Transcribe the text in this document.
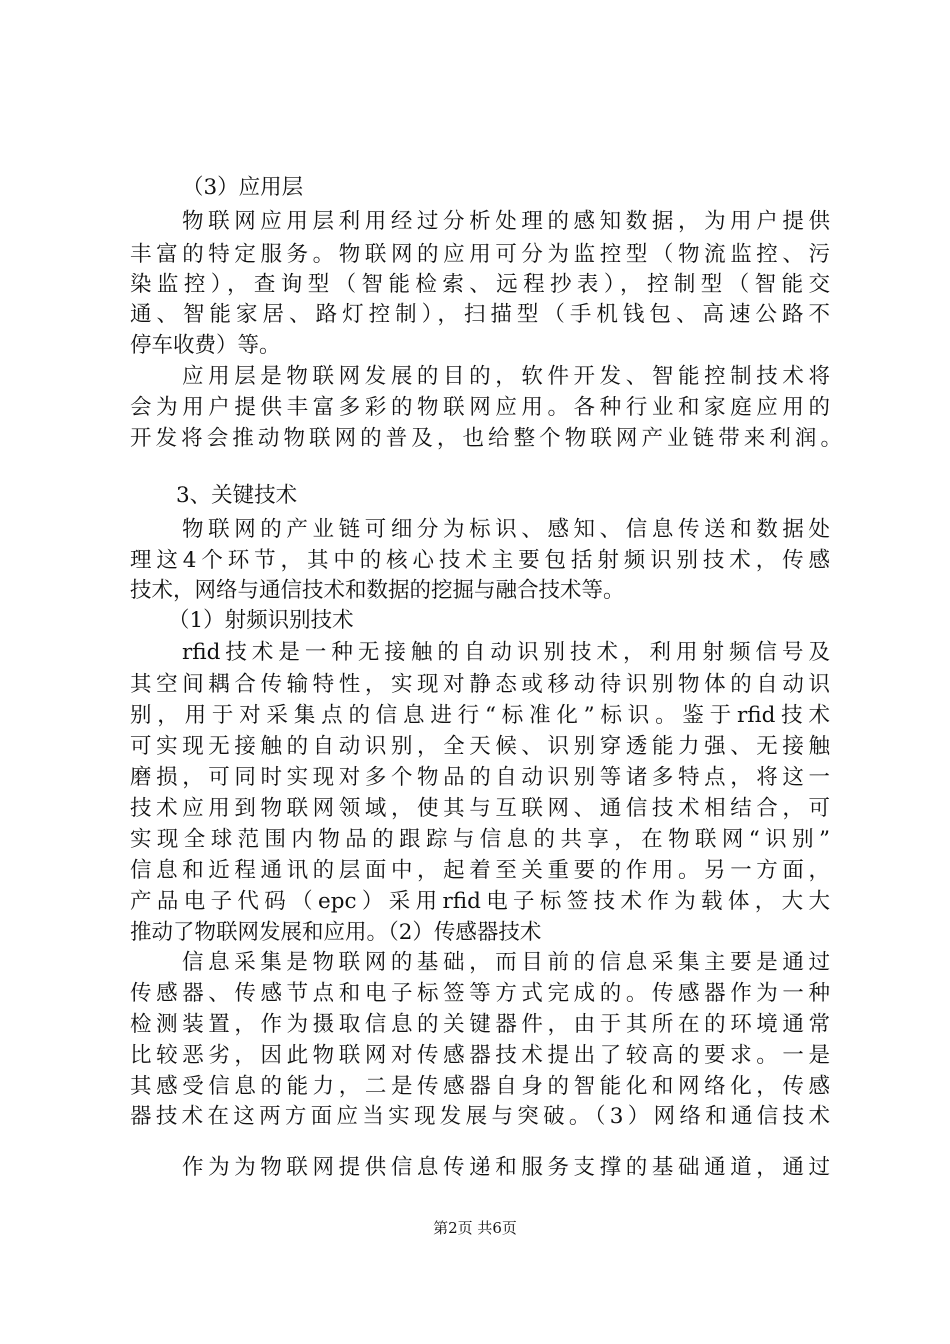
（3）应用层
物联网应用层利用经过分析处理的感知数据，为用户提供
丰富的特定服务。物联网的应用可分为监控型（物流监控、污
染监控），查询型（智能检索、远程抄表），控制型（智能交
通、智能家居、路灯控制），扫描型（手机钱包、高速公路不
停车收费）等。
应用层是物联网发展的目的，软件开发、智能控制技术将
会为用户提供丰富多彩的物联网应用。各种行业和家庭应用的
开发将会推动物联网的普及，也给整个物联网产业链带来利润。
3、关键技术
物联网的产业链可细分为标识、感知、信息传送和数据处
理这4个环节，其中的核心技术主要包括射频识别技术，传感
技术，网络与通信技术和数据的挖掘与融合技术等。
（1）射频识别技术
rfid技术是一种无接触的自动识别技术，利用射频信号及
其空间耦合传输特性，实现对静态或移动待识别物体的自动识
别，用于对采集点的信息进行“标准化”标识。鉴于rfid技术
可实现无接触的自动识别，全天候、识别穿透能力强、无接触
磨损，可同时实现对多个物品的自动识别等诸多特点，将这一
技术应用到物联网领域，使其与互联网、通信技术相结合，可
实现全球范围内物品的跟踪与信息的共享，在物联网“识别”
信息和近程通讯的层面中，起着至关重要的作用。另一方面，
产品电子代码（epc）采用rfid电子标签技术作为载体，大大
推动了物联网发展和应用。（2）传感器技术
信息采集是物联网的基础，而目前的信息采集主要是通过
传感器、传感节点和电子标签等方式完成的。传感器作为一种
检测装置，作为摄取信息的关键器件，由于其所在的环境通常
比较恶劣，因此物联网对传感器技术提出了较高的要求。一是
其感受信息的能力，二是传感器自身的智能化和网络化，传感
器技术在这两方面应当实现发展与突破。（3）网络和通信技术
作为为物联网提供信息传递和服务支撑的基础通道，通过
第2页 共6页
